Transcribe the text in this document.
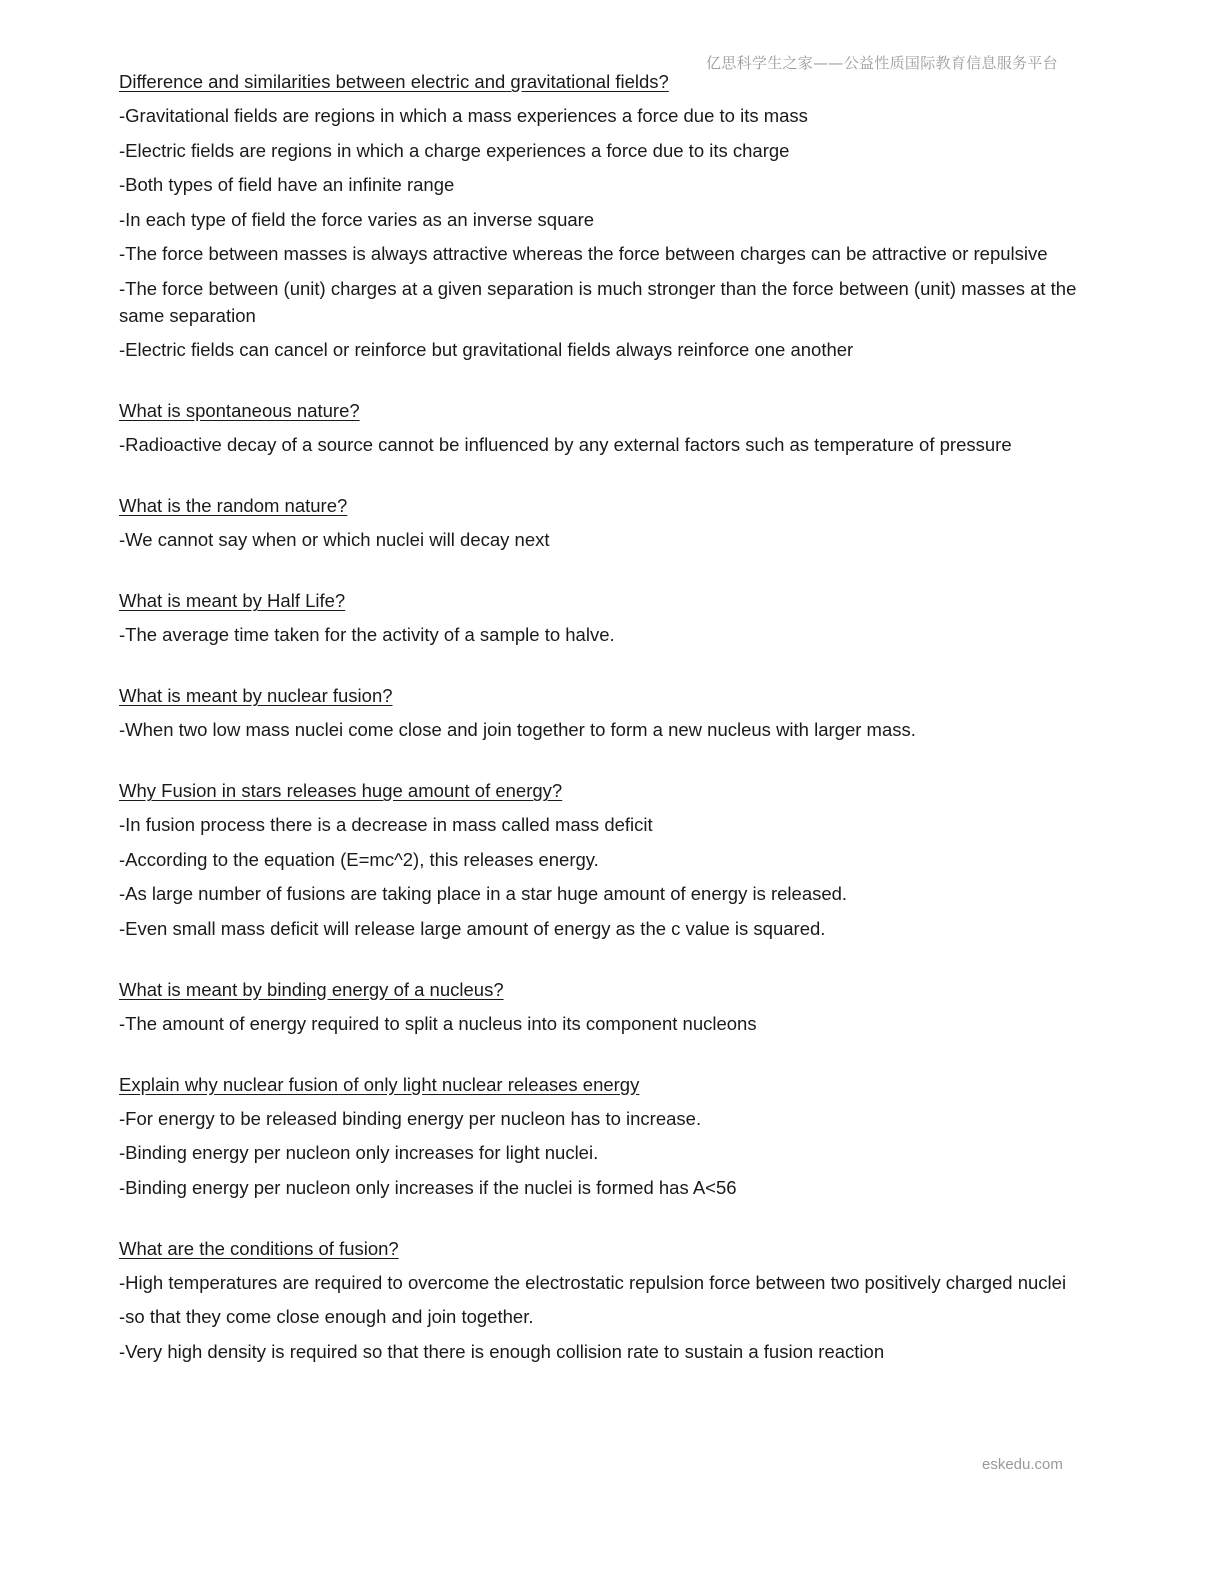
亿思科学生之家——公益性质国际教育信息服务平台
Difference and similarities between electric and gravitational fields?
-Gravitational fields are regions in which a mass experiences a force due to its mass
-Electric fields are regions in which a charge experiences a force due to its charge
-Both types of field have an infinite range
-In each type of field the force varies as an inverse square
-The force between masses is always attractive whereas the force between charges can be attractive or repulsive
-The force between (unit) charges at a given separation is much stronger than the force between (unit) masses at the same separation
-Electric fields can cancel or reinforce but gravitational fields always reinforce one another
What is spontaneous nature?
-Radioactive decay of a source cannot be influenced by any external factors such as temperature of pressure
What is the random nature?
-We cannot say when or which nuclei will decay next
What is meant by Half Life?
-The average time taken for the activity of a sample to halve.
What is meant by nuclear fusion?
-When two low mass nuclei come close and join together to form a new nucleus with larger mass.
Why Fusion in stars releases huge amount of energy?
-In fusion process there is a decrease in mass called mass deficit
-According to the equation (E=mc^2), this releases energy.
-As large number of fusions are taking place in a star huge amount of energy is released.
-Even small mass deficit will release large amount of energy as the c value is squared.
What is meant by binding energy of a nucleus?
-The amount of energy required to split a nucleus into its component nucleons
Explain why nuclear fusion of only light nuclear releases energy
-For energy to be released binding energy per nucleon has to increase.
-Binding energy per nucleon only increases for light nuclei.
-Binding energy per nucleon only increases if the nuclei is formed has A<56
What are the conditions of fusion?
-High temperatures are required to overcome the electrostatic repulsion force between two positively charged nuclei
-so that they come close enough and join together.
-Very high density is required so that there is enough collision rate to sustain a fusion reaction
eskedu.com
